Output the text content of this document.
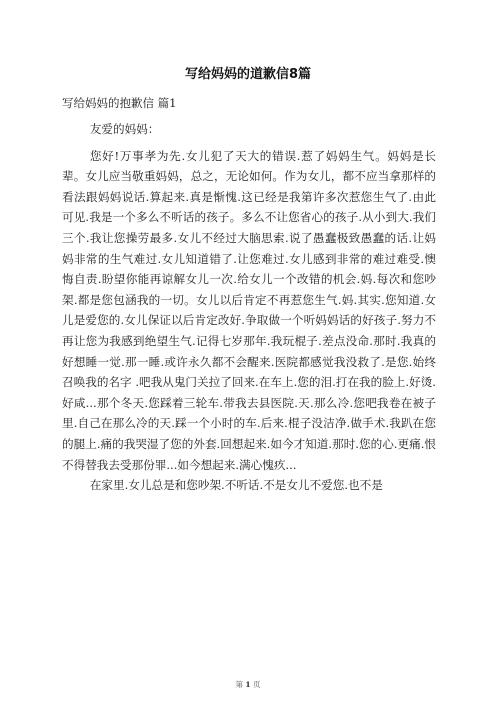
写给妈妈的道歉信8篇
写给妈妈的抱歉信 篇1

友爱的妈妈：

您好!万事孝为先.女儿犯了天大的错误.惹了妈妈生气。妈妈是长辈。女儿应当敬重妈妈，总之，无论如何。作为女儿，都不应当拿那样的看法跟妈妈说话.算起来.真是惭愧.这已经是我第许多次惹您生气了.由此可见.我是一个多么不听话的孩子。多么不让您省心的孩子.从小到大.我们三个.我让您操劳最多.女儿不经过大脑思索.说了愚蠢极致愚蠢的话.让妈妈非常的生气难过.女儿知道错了.让您难过.女儿感到非常的难过难受.懊悔自责.盼望你能再谅解女儿一次.给女儿一个改错的机会.妈.每次和您吵架.都是您包涵我的一切。女儿以后肯定不再惹您生气.妈.其实.您知道.女儿是爱您的.女儿保证以后肯定改好.争取做一个听妈妈话的好孩子.努力不再让您为我感到绝望生气.记得七岁那年.我玩棍子.差点没命.那时.我真的好想睡一觉.那一睡.或许永久都不会醒来.医院都感觉我没救了.是您.始终召唤我的名字 .吧我从鬼门关拉了回来.在车上.您的泪.打在我的脸上.好烫.好咸...那个冬天.您踩着三轮车.带我去县医院.天.那么冷.您吧我卷在被子里.自己在那么冷的天.踩一个小时的车.后来.棍子没洁净.做手术.我趴在您的腿上.痛的我哭湿了您的外套.回想起来.如今才知道.那时.您的心.更痛.恨不得替我去受那份罪...如今想起来.满心愧疚...

在家里.女儿总是和您吵架.不听话.不是女儿不爱您.也不是

第 1 页
